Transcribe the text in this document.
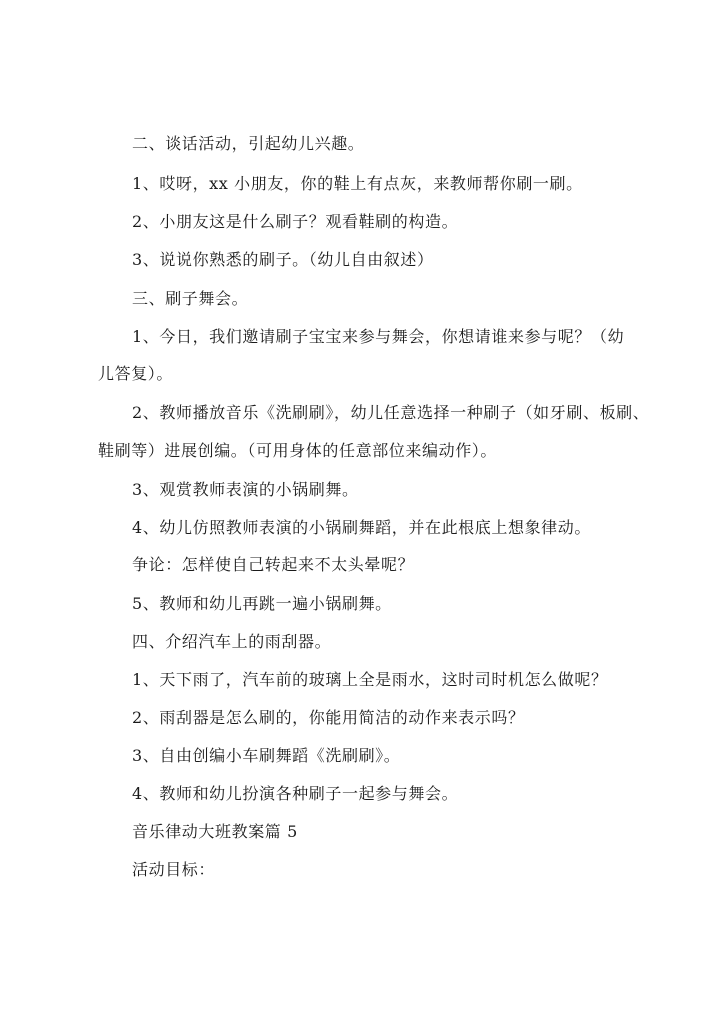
二、谈话活动，引起幼儿兴趣。
1、哎呀，xx 小朋友，你的鞋上有点灰，来教师帮你刷一刷。
2、小朋友这是什么刷子？观看鞋刷的构造。
3、说说你熟悉的刷子。（幼儿自由叙述）
三、刷子舞会。
1、今日，我们邀请刷子宝宝来参与舞会，你想请谁来参与呢？（幼
儿答复）。
2、教师播放音乐《洗刷刷》，幼儿任意选择一种刷子（如牙刷、板刷、
鞋刷等）进展创编。（可用身体的任意部位来编动作）。
3、观赏教师表演的小锅刷舞。
4、幼儿仿照教师表演的小锅刷舞蹈，并在此根底上想象律动。
争论：怎样使自己转起来不太头晕呢？
5、教师和幼儿再跳一遍小锅刷舞。
四、介绍汽车上的雨刮器。
1、天下雨了，汽车前的玻璃上全是雨水，这时司时机怎么做呢？
2、雨刮器是怎么刷的，你能用简洁的动作来表示吗？
3、自由创编小车刷舞蹈《洗刷刷》。
4、教师和幼儿扮演各种刷子一起参与舞会。
音乐律动大班教案篇 5
活动目标：
